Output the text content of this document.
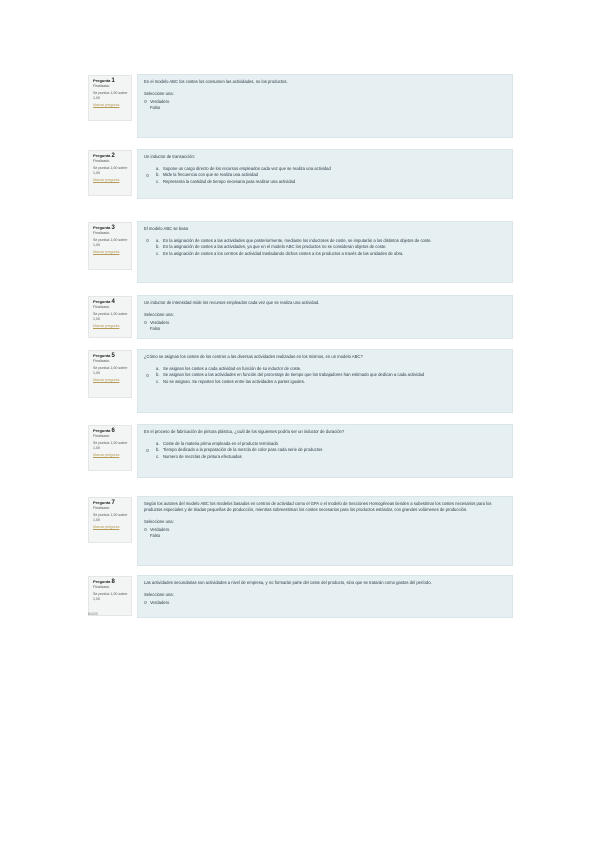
Pregunta 1
Finalizado
Se puntúa 1,00 sobre 1,00
Marcar pregunta
En el modelo ABC los costes los consumen las actividades, no los productos.
Seleccione una:
Verdadero
Falso
Pregunta 2
Finalizado
Se puntúa 1,00 sobre 1,00
Marcar pregunta
Un inductor de transacción:
a. Supone un cargo directo de los recursos empleados cada vez que se realiza una actividad
b. Mide la frecuencia con que se realiza una actividad
c. Representa la cantidad de tiempo necesaria para realizar una actividad
Pregunta 3
Finalizado
Se puntúa 1,00 sobre 1,00
Marcar pregunta
El modelo ABC se basa
a. En la asignación de costes a las actividades que posteriormente, mediante los inductores de coste, se imputarán a los distintos objetos de coste.
b. En la asignación de costes a las actividades, ya que en el modelo ABC los productos no se consideran objetos de coste.
c. En la asignación de costes a los centros de actividad trasladando dichos costes a los productos a través de las unidades de obra.
Pregunta 4
Finalizado
Se puntúa 1,00 sobre 1,00
Marcar pregunta
Un inductor de intensidad mide los recursos empleados cada vez que se realiza una actividad.
Seleccione una:
Verdadero
Falso
Pregunta 5
Finalizado
Se puntúa 1,00 sobre 1,00
Marcar pregunta
¿Cómo se asignan los costes de los centros a las diversas actividades realizadas en los mismos, en un modelo ABC?
a. Se asignan los costes a cada actividad en función de su inductor de coste.
b. Se asignan los costes a las actividades en función del porcentaje de tiempo que los trabajadores han estimado que dedican a cada actividad
c. No se asignan. Se reparten los costes entre las actividades a partes iguales.
Pregunta 6
Finalizado
Se puntúa 1,00 sobre 1,00
Marcar pregunta
En el proceso de fabricación de pintura plástica, ¿cuál de los siguientes podría ser un inductor de duración?
a. Coste de la materia prima empleada en el producto terminado
b. Tiempo dedicado a la preparación de la mezcla de color para cada serie de productos
c. Numero de mezclas de pintura efectuadas
Pregunta 7
Finalizado
Se puntúa 1,00 sobre 1,00
Marcar pregunta
Según los autores del modelo ABC los modelos basados en centros de actividad como el GPA o el modelo de Secciones Homogéneas tienden a subestimar los costes necesarios para los productos especiales y de tiradas pequeñas de producción, mientras sobreestiman los costes necesarios para los productos estándar, con grandes volúmenes de producción.
Seleccione una:
Verdadero
Falso
Pregunta 8
Finalizado
Se puntúa 1,00 sobre 1,00
Las actividades secundarias son actividades a nivel de empresa, y no formarán parte del coste del producto, sino que se tratarán como gastos del período.
Seleccione una:
Verdadero
6/4/23
